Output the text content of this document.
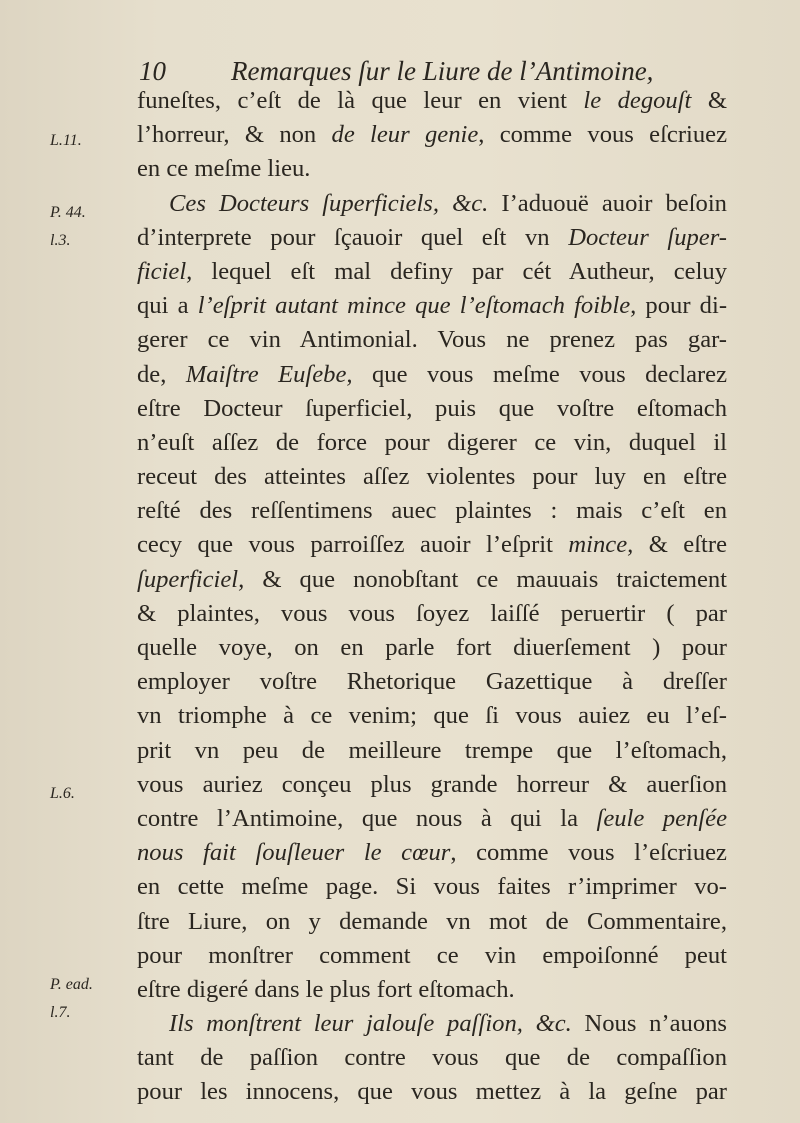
10 Remarques ſur le Liure de l’Antimoine,
L.11.
P. 44.
l.3.
L.6.
P. ead.
l.7.
funeſtes, c’eſt de là que leur en vient le degouſt &
l’horreur, & non de leur genie, comme vous eſcriuez
en ce meſme lieu.
Ces Docteurs ſuperficiels, &c. I’aduouë auoir beſoin
d’interprete pour ſçauoir quel eſt vn Docteur ſuper-
ficiel, lequel eſt mal definy par cét Autheur, celuy
qui a l’eſprit autant mince que l’eſtomach foible, pour di-
gerer ce vin Antimonial. Vous ne prenez pas gar-
de, Maiſtre Euſebe, que vous meſme vous declarez
eſtre Docteur ſuperficiel, puis que voſtre eſtomach
n’euſt aſſez de force pour digerer ce vin, duquel il
receut des atteintes aſſez violentes pour luy en eſtre
reſté des reſſentimens auec plaintes : mais c’eſt en
cecy que vous parroiſſez auoir l’eſprit mince, & eſtre
ſuperficiel, & que nonobſtant ce mauuais traictement
& plaintes, vous vous ſoyez laiſſé peruertir ( par
quelle voye, on en parle fort diuerſement ) pour
employer voſtre Rhetorique Gazettique à dreſſer
vn triomphe à ce venim; que ſi vous auiez eu l’eſ-
prit vn peu de meilleure trempe que l’eſtomach,
vous auriez conçeu plus grande horreur & auerſion
contre l’Antimoine, que nous à qui la ſeule penſée
nous fait ſouſleuer le cœur, comme vous l’eſcriuez
en cette meſme page. Si vous faites r’imprimer vo-
ſtre Liure, on y demande vn mot de Commentaire,
pour monſtrer comment ce vin empoiſonné peut
eſtre digeré dans le plus fort eſtomach.
Ils monſtrent leur jalouſe paſſion, &c. Nous n’auons
tant de paſſion contre vous que de compaſſion
pour les innocens, que vous mettez à la geſne par
